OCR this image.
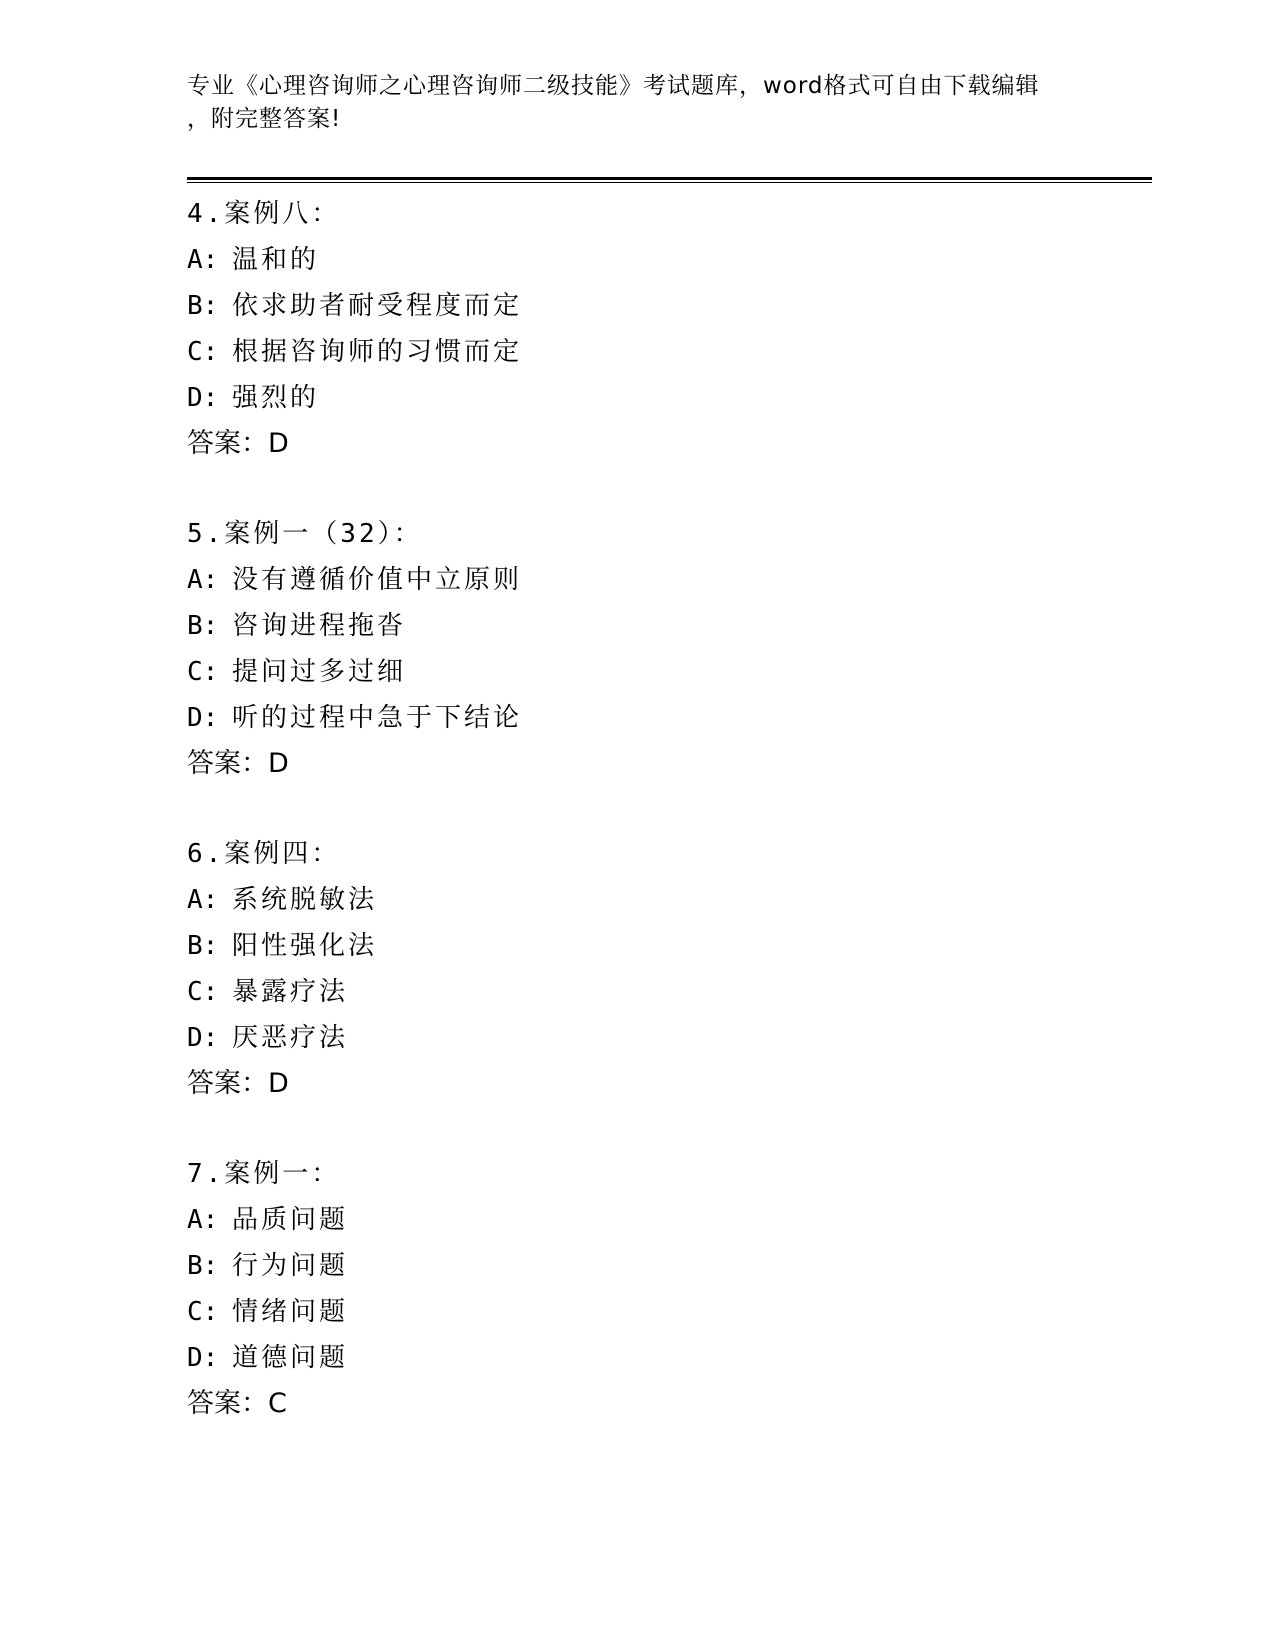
专业《心理咨询师之心理咨询师二级技能》考试题库，word格式可自由下载编辑
，附完整答案!
4.案例八：
A: 温和的
B: 依求助者耐受程度而定
C: 根据咨询师的习惯而定
D: 强烈的
答案：D
5.案例一（32）：
A: 没有遵循价值中立原则
B: 咨询进程拖沓
C: 提问过多过细
D: 听的过程中急于下结论
答案：D
6.案例四：
A: 系统脱敏法
B: 阳性强化法
C: 暴露疗法
D: 厌恶疗法
答案：D
7.案例一：
A: 品质问题
B: 行为问题
C: 情绪问题
D: 道德问题
答案：C
